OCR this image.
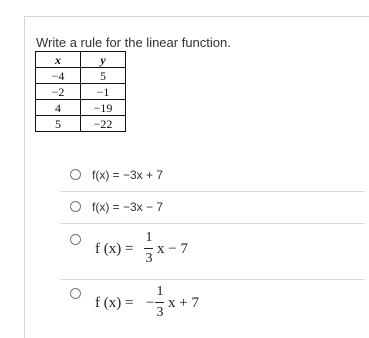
Write a rule for the linear function.
x	y
−4	5
−2	−1
4	−19
5	−22
f(x) = −3x + 7
f(x) = −3x − 7
f (x) =
1
3
x − 7
f (x) = −
1
3
x + 7
